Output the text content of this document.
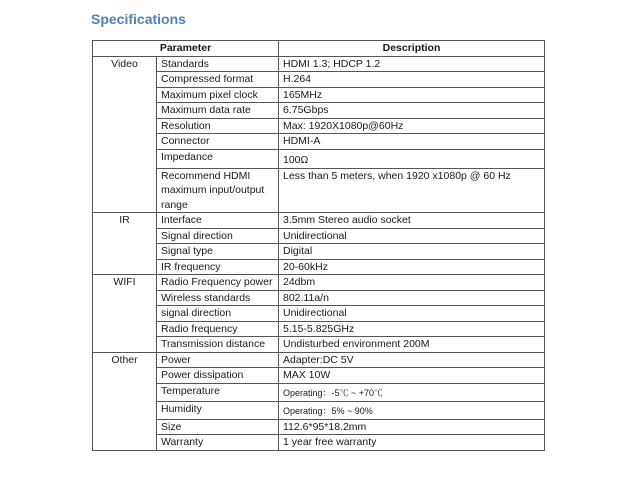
Specifications
Parameter		Description
Video	Standards	HDMI 1.3; HDCP 1.2
	Compressed format	H.264
	Maximum pixel clock	165MHz
	Maximum data rate	6.75Gbps
	Resolution	Max: 1920X1080p@60Hz
	Connector	HDMI-A
	Impedance	100Ω
	Recommend HDMI maximum input/output range	Less than 5 meters, when 1920 x1080p @ 60 Hz
IR	Interface	3.5mm Stereo audio socket
	Signal direction	Unidirectional
	Signal type	Digital
	IR frequency	20-60kHz
WIFI	Radio Frequency power	24dbm
	Wireless standards	802.11a/n
	signal direction	Unidirectional
	Radio frequency	5.15-5.825GHz
	Transmission distance	Undisturbed environment 200M
Other	Power	Adapter:DC 5V
	Power dissipation	MAX 10W
	Temperature	Operating：-5℃ ~ +70℃
	Humidity	Operating：5% ~ 90%
	Size	112.6*95*18.2mm
	Warranty	1 year free warranty
